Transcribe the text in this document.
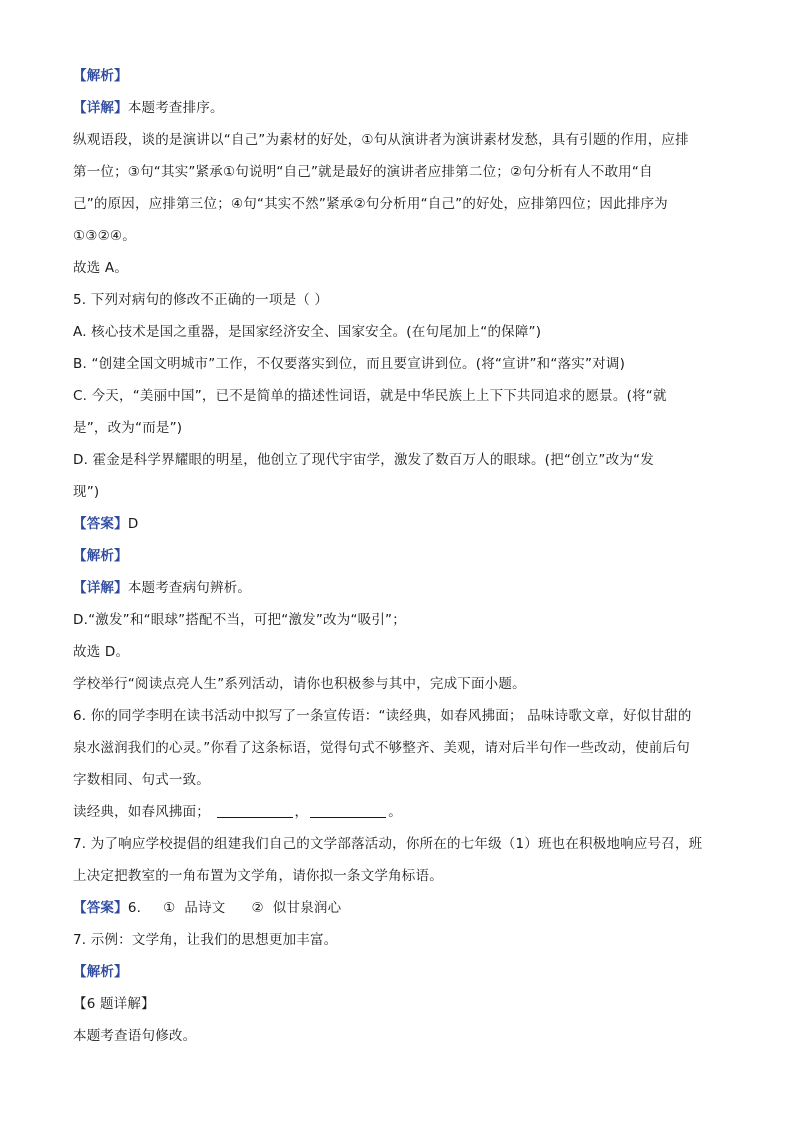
【解析】
【详解】本题考查排序。
纵观语段，谈的是演讲以“自己”为素材的好处，①句从演讲者为演讲素材发愁，具有引题的作用，应排
第一位；③句“其实”紧承①句说明“自己”就是最好的演讲者应排第二位；②句分析有人不敢用“自
己”的原因，应排第三位；④句“其实不然”紧承②句分析用“自己”的好处，应排第四位；因此排序为
①③②④。
故选 A。
5. 下列对病句的修改不正确的一项是（ ）
A. 核心技术是国之重器，是国家经济安全、国家安全。(在句尾加上“的保障”)
B. “创建全国文明城市”工作，不仅要落实到位，而且要宣讲到位。(将“宣讲”和“落实”对调)
C. 今天，“美丽中国”，已不是简单的描述性词语，就是中华民族上上下下共同追求的愿景。(将“就
是”，改为“而是”)
D. 霍金是科学界耀眼的明星，他创立了现代宇宙学，激发了数百万人的眼球。(把“创立”改为“发
现”)
【答案】D
【解析】
【详解】本题考查病句辨析。
D.“激发”和“眼球”搭配不当，可把“激发”改为“吸引”；
故选 D。
学校举行“阅读点亮人生”系列活动，请你也积极参与其中，完成下面小题。
6. 你的同学李明在读书活动中拟写了一条宣传语：“读经典，如春风拂面； 品味诗歌文章，好似甘甜的
泉水滋润我们的心灵。”你看了这条标语，觉得句式不够整齐、美观，请对后半句作一些改动，使前后句
字数相同、句式一致。
读经典，如春风拂面；	，	。
7. 为了响应学校提倡的组建我们自己的文学部落活动，你所在的七年级（1）班也在积极地响应号召，班
上决定把教室的一角布置为文学角，请你拟一条文学角标语。
【答案】6. ① 品诗文 ② 似甘泉润心
7. 示例：文学角，让我们的思想更加丰富。
【解析】
【6 题详解】
本题考查语句修改。
